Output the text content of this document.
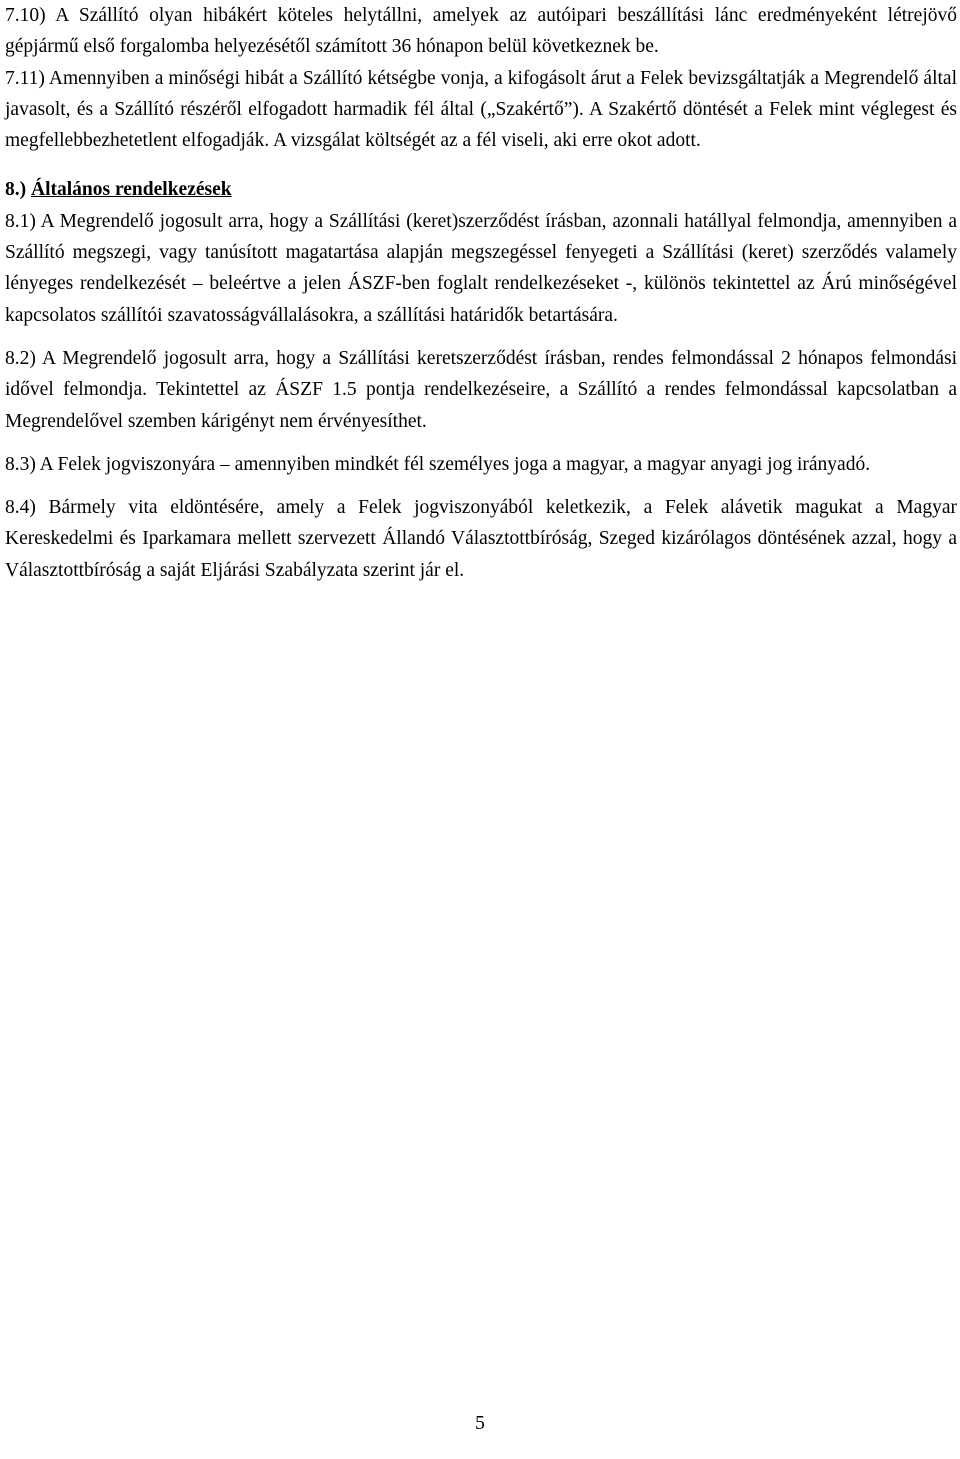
7.10) A Szállító olyan hibákért köteles helytállni, amelyek az autóipari beszállítási lánc eredményeként létrejövő gépjármű első forgalomba helyezésétől számított 36 hónapon belül következnek be.

7.11) Amennyiben a minőségi hibát a Szállító kétségbe vonja, a kifogásolt árut a Felek bevizsgáltatják a Megrendelő által javasolt, és a Szállító részéről elfogadott harmadik fél által („Szakértő”). A Szakértő döntését a Felek mint véglegest és megfellebbezhetetlent elfogadják. A vizsgálat költségét az a fél viseli, aki erre okot adott.

8.) Általános rendelkezések

8.1) A Megrendelő jogosult arra, hogy a Szállítási (keret)szerződést írásban, azonnali hatállyal felmondja, amennyiben a Szállító megszegi, vagy tanúsított magatartása alapján megszegéssel fenyegeti a Szállítási (keret) szerződés valamely lényeges rendelkezését – beleértve a jelen ÁSZF-ben foglalt rendelkezéseket -, különös tekintettel az Árú minőségével kapcsolatos szállítói szavatosságvállalásokra, a szállítási határidők betartására.

8.2) A Megrendelő jogosult arra, hogy a Szállítási keretszerződést írásban, rendes felmondással 2 hónapos felmondási idővel felmondja. Tekintettel az ÁSZF 1.5 pontja rendelkezéseire, a Szállító a rendes felmondással kapcsolatban a Megrendelővel szemben kárigényt nem érvényesíthet.

8.3) A Felek jogviszonyára – amennyiben mindkét fél személyes joga a magyar, a magyar anyagi jog irányadó.

8.4) Bármely vita eldöntésére, amely a Felek jogviszonyából keletkezik, a Felek alávetik magukat a Magyar Kereskedelmi és Iparkamara mellett szervezett Állandó Választottbíróság, Szeged kizárólagos döntésének azzal, hogy a Választottbíróság a saját Eljárási Szabályzata szerint jár el.

5
